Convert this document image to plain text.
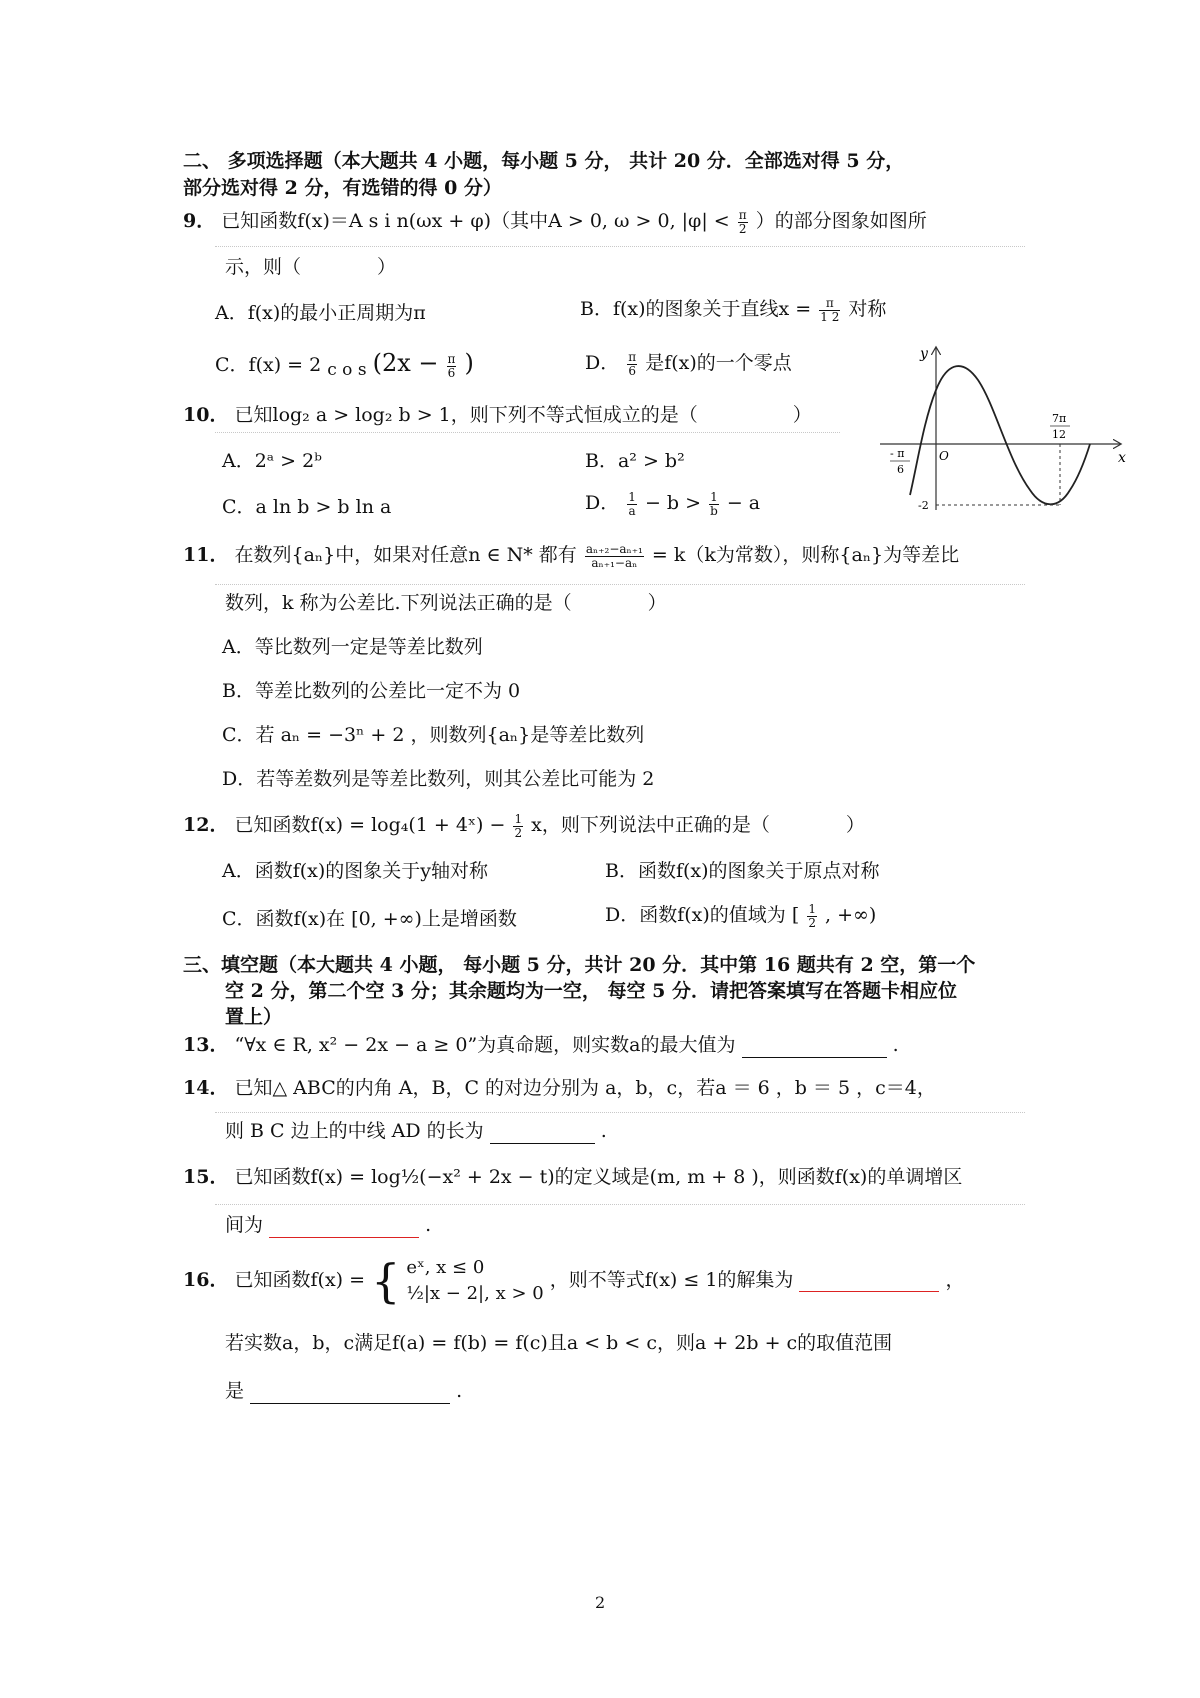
二、 多项选择题（本大题共 4 小题，每小题 5 分， 共计 20 分．全部选对得 5 分，
部分选对得 2 分，有选错的得 0 分）
9． 已知函数f(x)＝A s i n(ωx + φ)（其中A > 0, ω > 0, $|\varphi| < \frac{\pi}{2}$ ）的部分图象如图所
示，则（　　　　）
A．f(x)的最小正周期为π	B．f(x)的图象关于直线$x = \frac{\pi}{1 2}$ 对称
C．f(x) = 2 c o s ($2x - \frac{\pi}{6}$ )	D． $\frac{\pi}{6}$ 是f(x)的一个零点	y
x
O
- π
6
7π
12
-2
10． 已知log₂ a > log₂ b > 1，则下列不等式恒成立的是（　　　　　）
A．2ᵃ > 2ᵇ	B．a² > b²
C．a ln b > b ln a	D． $\frac{1}{a} - b > \frac{1}{b} - a$
11． 在数列{aₙ}中，如果对任意n ∈ N* 都有 $\frac{\text{aₙ₊₂−aₙ₊₁}}{\text{aₙ₊₁−aₙ}} = k(k$为常数），则称{aₙ}为等差比
数列，k 称为公差比.下列说法正确的是（　　　　）
A．等比数列一定是等差比数列
B．等差比数列的公差比一定不为 0
C．若 aₙ = −3ⁿ + 2 ，则数列{aₙ}是等差比数列
D．若等差数列是等差比数列，则其公差比可能为 2
12． 已知函数f(x) = log₄(1 + 4ˣ) − $\frac{1}{2}$ x，则下列说法中正确的是（　　　　）
A．函数f(x)的图象关于y轴对称	B．函数f(x)的图象关于原点对称
C．函数f(x)在 [0, +∞)上是增函数	D．函数f(x)的值域为 [ $\frac{1}{2}$ , +∞)
三、填空题（本大题共 4 小题， 每小题 5 分，共计 20 分．其中第 16 题共有 2 空，第一个
空 2 分，第二个空 3 分；其余题均为一空， 每空 5 分．请把答案填写在答题卡相应位
置上）
13． “∀x ∈ R, x² − 2x − a ≥ 0”为真命题，则实数a的最大值为	.
14． 已知△ ABC的内角 A，B，C 的对边分别为 a，b，c，若a ＝ 6 ，b ＝ 5 ，c＝4，
则 B C 边上的中线 AD 的长为	.
15． 已知函数f(x) = log½(−x² + 2x − t)的定义域是(m, m + 8 )，则函数f(x)的单调增区
间为	.
16． 已知函数f(x) = { eˣ, x ≤ 0
½|x − 2|, x > 0
，则不等式f(x) ≤ 1的解集为	，
若实数a，b，c满足f(a) = f(b) = f(c)且a < b < c，则a + 2b + c的取值范围
是	.
2
